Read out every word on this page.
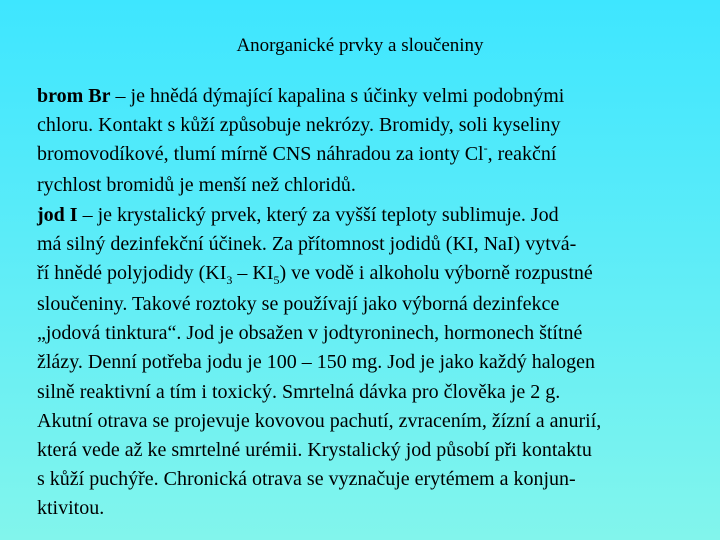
Anorganické prvky a sloučeniny
brom Br – je hnědá dýmající kapalina s účinky velmi podobnými
chloru. Kontakt s kůží způsobuje nekrózy. Bromidy, soli kyseliny
bromovodíkové, tlumí mírně CNS náhradou za ionty Cl-, reakční
rychlost bromidů je menší než chloridů.
jod I – je krystalický prvek, který za vyšší teploty sublimuje. Jod
má silný dezinfekční účinek. Za přítomnost jodidů (KI, NaI) vytvá-
ří hnědé polyjodidy $(KI_3 - KI_5)$ ve vodě i alkoholu výborně rozpustné
sloučeniny. Takové roztoky se používají jako výborná dezinfekce
„jodová tinktura“. Jod je obsažen v jodtyroninech, hormonech štítné
žlázy. Denní potřeba jodu je 100 – 150 mg. Jod je jako každý halogen
silně reaktivní a tím i toxický. Smrtelná dávka pro člověka je 2 g.
Akutní otrava se projevuje kovovou pachutí, zvracením, žízní a anurií,
která vede až ke smrtelné urémii. Krystalický jod působí při kontaktu
s kůží puchýře. Chronická otrava se vyznačuje erytémem a konjun-
ktivitou.
